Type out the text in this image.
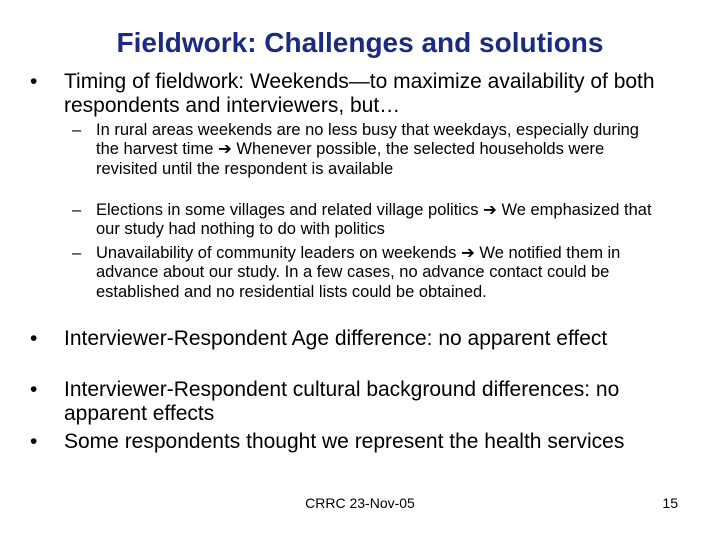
Fieldwork: Challenges and solutions
• Timing of fieldwork: Weekends—to maximize availability of both respondents and interviewers, but…
– In rural areas weekends are no less busy that weekdays, especially during the harvest time ➔ Whenever possible, the selected households were revisited until the respondent is available
– Elections in some villages and related village politics ➔ We emphasized that our study had nothing to do with politics
– Unavailability of community leaders on weekends ➔ We notified them in advance about our study. In a few cases, no advance contact could be established and no residential lists could be obtained.
• Interviewer-Respondent Age difference: no apparent effect
• Interviewer-Respondent cultural background differences: no apparent effects
• Some respondents thought we represent the health services
CRRC 23-Nov-05	15
